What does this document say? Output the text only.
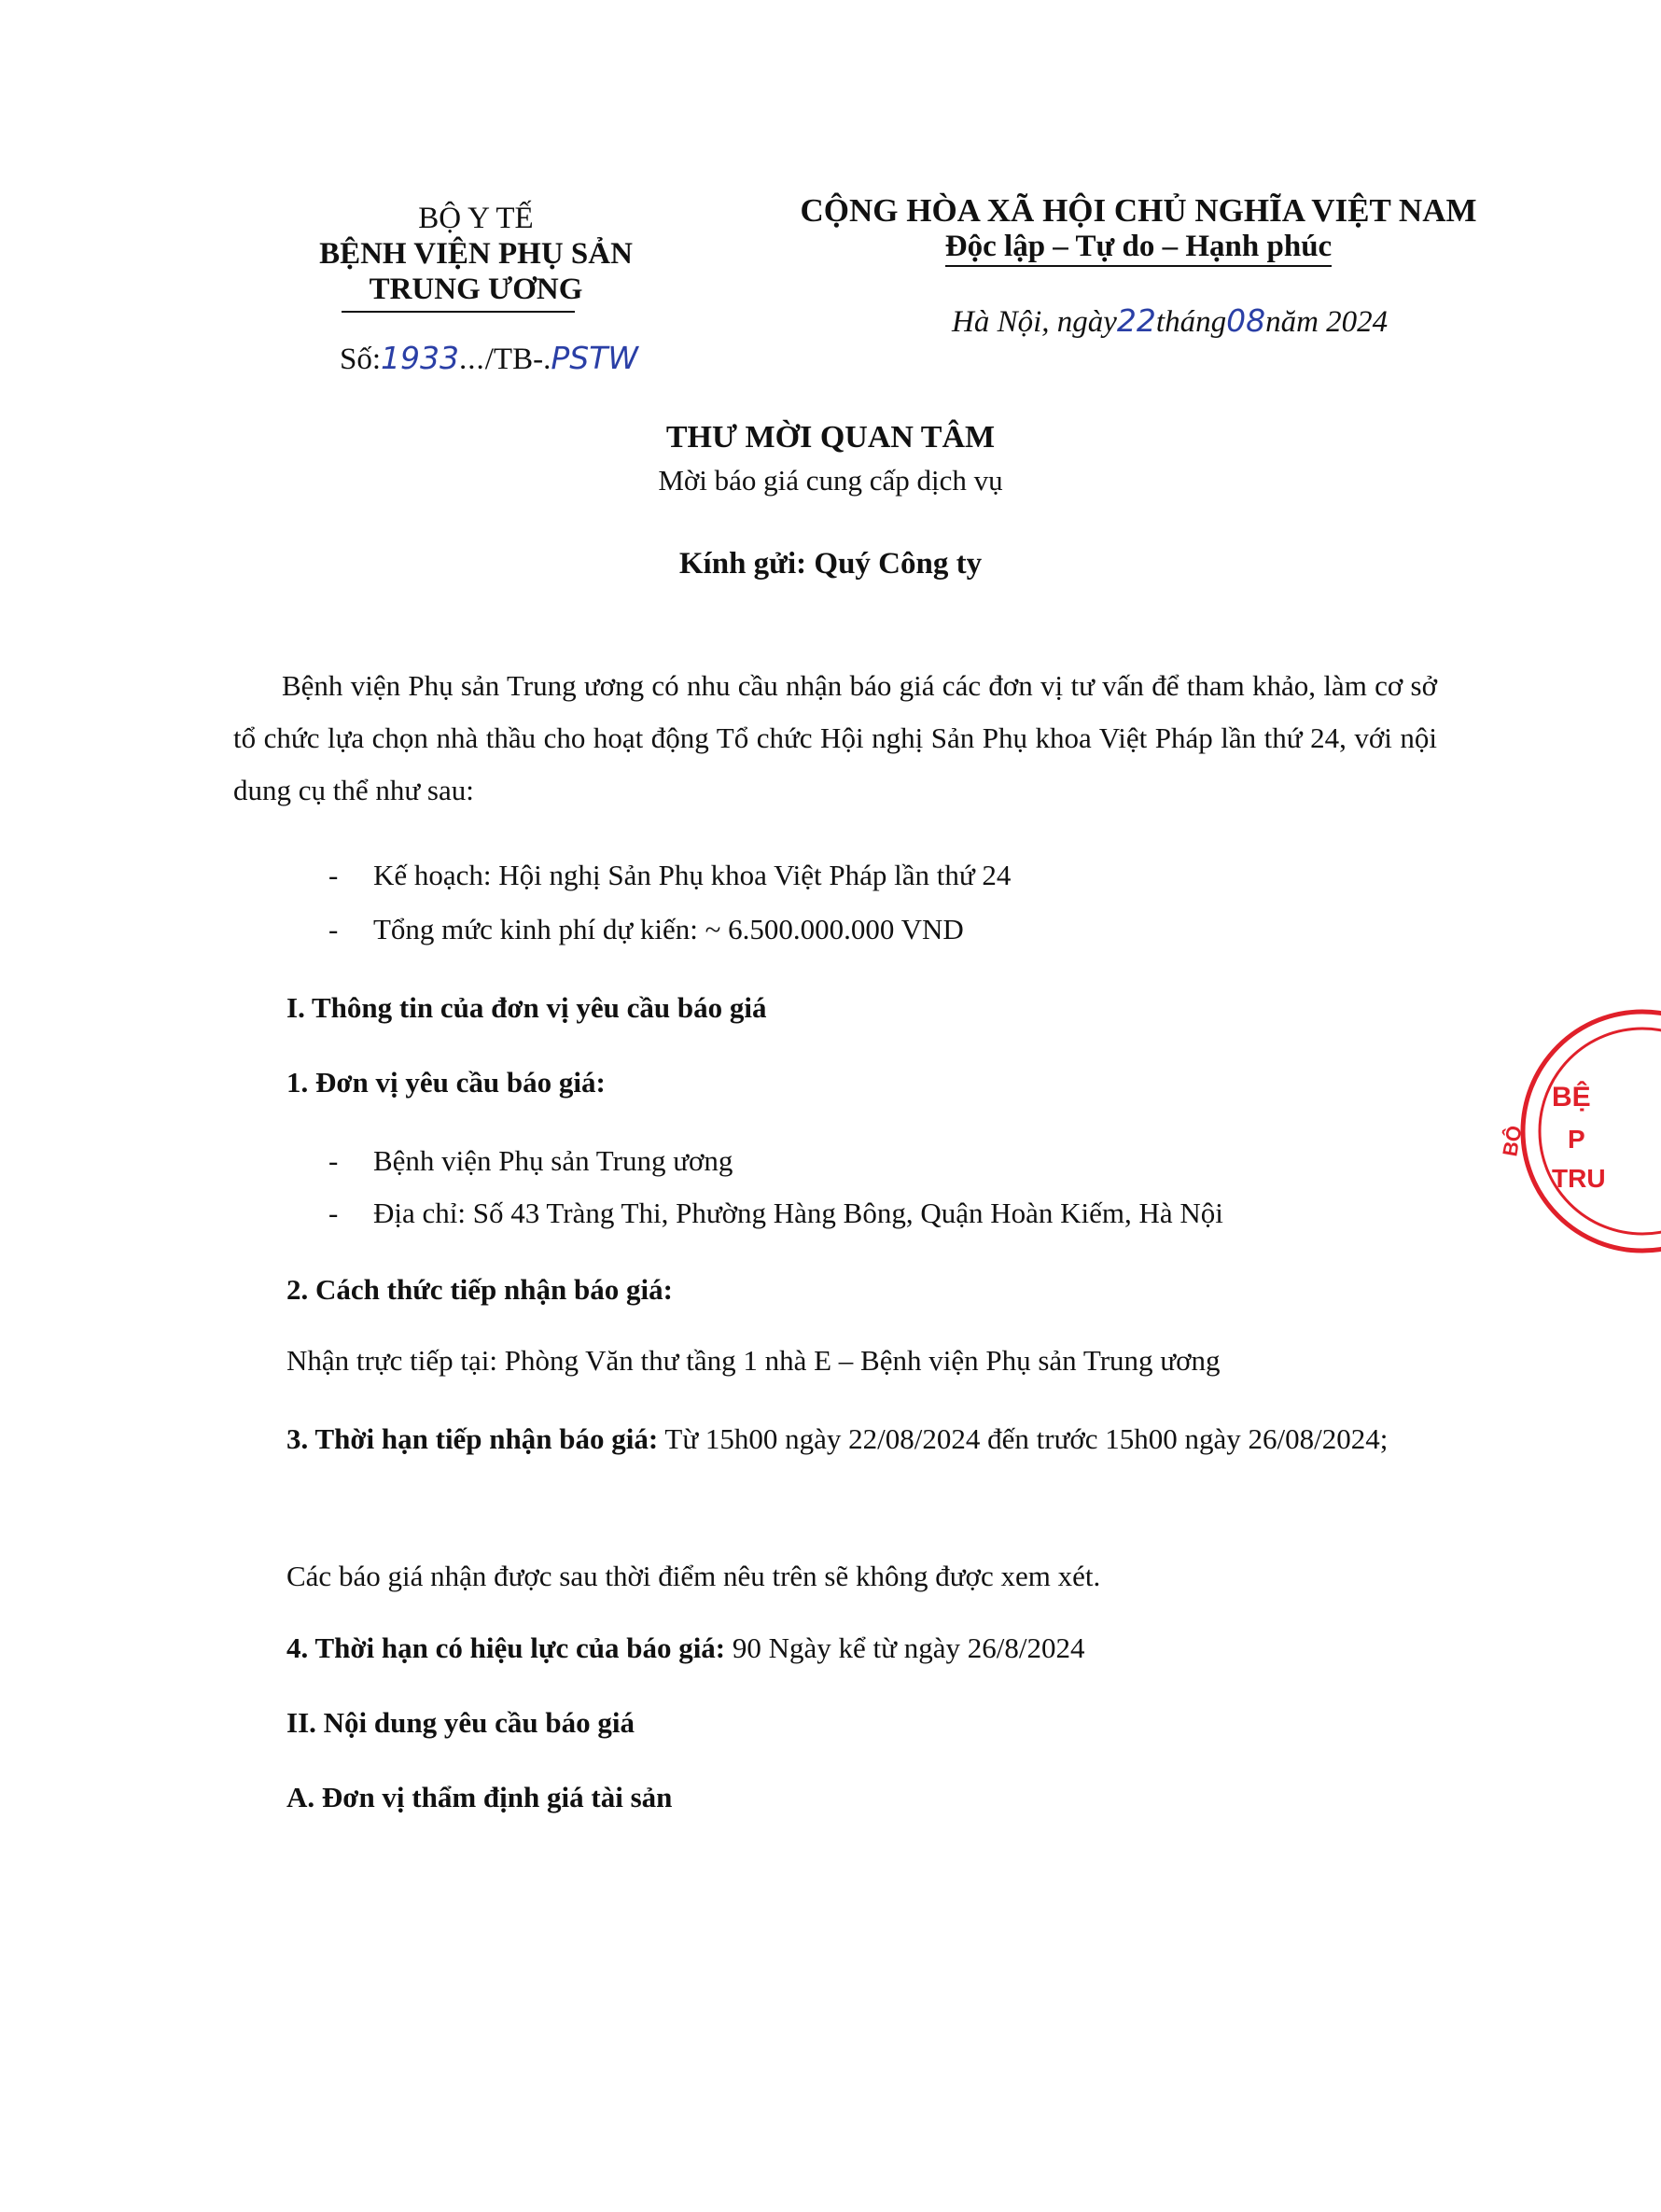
BỘ Y TẾ
BỆNH VIỆN PHỤ SẢN
TRUNG ƯƠNG
Số:1933.../TB-.PSTW
CỘNG HÒA XÃ HỘI CHỦ NGHĨA VIỆT NAM
Độc lập – Tự do – Hạnh phúc
Hà Nội, ngày22tháng08năm 2024
THƯ MỜI QUAN TÂM
Mời báo giá cung cấp dịch vụ
Kính gửi: Quý Công ty
Bệnh viện Phụ sản Trung ương có nhu cầu nhận báo giá các đơn vị tư vấn để tham khảo, làm cơ sở tổ chức lựa chọn nhà thầu cho hoạt động Tổ chức Hội nghị Sản Phụ khoa Việt Pháp lần thứ 24, với nội dung cụ thể như sau:
- Kế hoạch: Hội nghị Sản Phụ khoa Việt Pháp lần thứ 24
- Tổng mức kinh phí dự kiến: ~ 6.500.000.000 VND
I. Thông tin của đơn vị yêu cầu báo giá
1. Đơn vị yêu cầu báo giá:
- Bệnh viện Phụ sản Trung ương
- Địa chỉ: Số 43 Tràng Thi, Phường Hàng Bông, Quận Hoàn Kiếm, Hà Nội
2. Cách thức tiếp nhận báo giá:
Nhận trực tiếp tại: Phòng Văn thư tầng 1 nhà E – Bệnh viện Phụ sản Trung ương
3. Thời hạn tiếp nhận báo giá: Từ 15h00 ngày 22/08/2024 đến trước 15h00 ngày 26/08/2024;
Các báo giá nhận được sau thời điểm nêu trên sẽ không được xem xét.
4. Thời hạn có hiệu lực của báo giá: 90 Ngày kể từ ngày 26/8/2024
II. Nội dung yêu cầu báo giá
A. Đơn vị thẩm định giá tài sản
BỆ
P
TRU
BỘ
